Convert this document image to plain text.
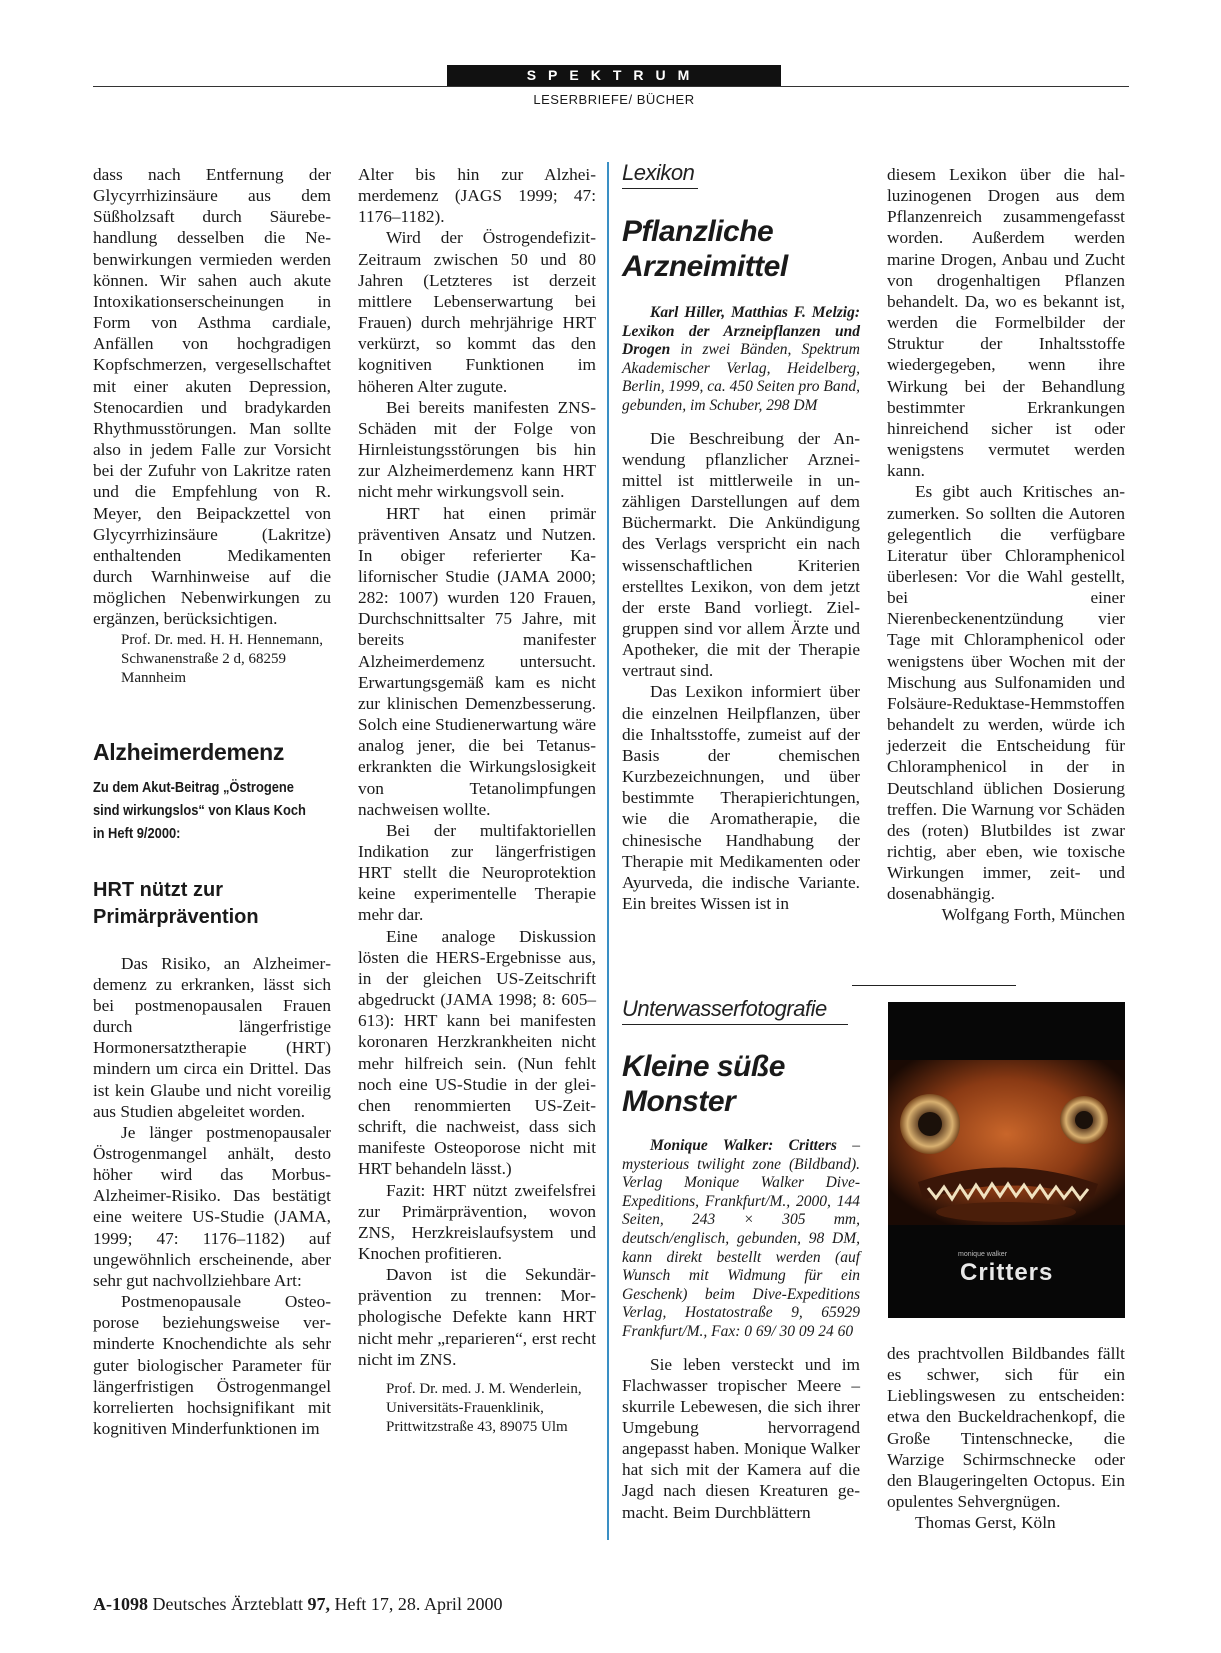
SPEKTRUM
LESERBRIEFE/ BÜCHER

dass nach Entfernung der Glycyrrhizinsäure aus dem Süßholzsaft durch Säurebehandlung desselben die Nebenwirkungen vermieden werden können. Wir sahen auch akute Intoxikationserscheinungen in Form von Asthma cardiale, Anfällen von hochgradigen Kopfschmerzen, vergesellschaftet mit einer akuten Depression, Stenocardien und bradykarden Rhythmusstörungen. Man sollte also in jedem Falle zur Vorsicht bei der Zufuhr von Lakritze raten und die Empfehlung von R. Meyer, den Beipackzettel von Glycyrrhizinsäure (Lakritze) enthaltenden Medikamenten durch Warnhinweise auf die möglichen Nebenwirkungen zu ergänzen, berücksichtigen.

Prof. Dr. med. H. H. Hennemann, Schwanenstraße 2 d, 68259 Mannheim

Alzheimerdemenz

Zu dem Akut-Beitrag „Östrogene sind wirkungslos“ von Klaus Koch in Heft 9/2000:

HRT nützt zur Primärprävention

Das Risiko, an Alzheimerdemenz zu erkranken, lässt sich bei postmenopausalen Frauen durch längerfristige Hormonersatztherapie (HRT) mindern um circa ein Drittel. Das ist kein Glaube und nicht voreilig aus Studien abgeleitet worden.

Je länger postmenopausaler Östrogenmangel anhält, desto höher wird das Morbus-Alzheimer-Risiko. Das bestätigt eine weitere US-Studie (JAMA, 1999; 47: 1176–1182) auf ungewöhnlich erscheinende, aber sehr gut nachvollziehbare Art:

Postmenopausale Osteoporose beziehungsweise verminderte Knochendichte als sehr guter biologischer Parameter für längerfristigen Östrogenmangel korrelierten hochsignifikant mit kognitiven Minderfunktionen im

Alter bis hin zur Alzheimerdemenz (JAGS 1999; 47: 1176–1182).

Wird der Östrogendefizit-Zeitraum zwischen 50 und 80 Jahren (Letzteres ist derzeit mittlere Lebenserwartung bei Frauen) durch mehrjährige HRT verkürzt, so kommt das den kognitiven Funktionen im höheren Alter zugute.

Bei bereits manifesten ZNS-Schäden mit der Folge von Hirnleistungsstörungen bis hin zur Alzheimerdemenz kann HRT nicht mehr wirkungsvoll sein.

HRT hat einen primär präventiven Ansatz und Nutzen. In obiger referierter Kalifornischer Studie (JAMA 2000; 282: 1007) wurden 120 Frauen, Durchschnittsalter 75 Jahre, mit bereits manifester Alzheimerdemenz untersucht. Erwartungsgemäß kam es nicht zur klinischen Demenzbesserung. Solch eine Studienerwartung wäre analog jener, die bei Tetanuserkrankten die Wirkungslosigkeit von Tetanolimpfungen nachweisen wollte.

Bei der multifaktoriellen Indikation zur längerfristigen HRT stellt die Neuroprotektion keine experimentelle Therapie mehr dar.

Eine analoge Diskussion lösten die HERS-Ergebnisse aus, in der gleichen US-Zeitschrift abgedruckt (JAMA 1998; 8: 605–613): HRT kann bei manifesten koronaren Herzkrankheiten nicht mehr hilfreich sein. (Nun fehlt noch eine US-Studie in der gleichen renommierten US-Zeitschrift, die nachweist, dass sich manifeste Osteoporose nicht mit HRT behandeln lässt.)

Fazit: HRT nützt zweifelsfrei zur Primärprävention, wovon ZNS, Herzkreislaufsystem und Knochen profitieren.

Davon ist die Sekundärprävention zu trennen: Morphologische Defekte kann HRT nicht mehr „reparieren“, erst recht nicht im ZNS.

Prof. Dr. med. J. M. Wenderlein, Universitäts-Frauenklinik, Prittwitzstraße 43, 89075 Ulm

Lexikon

Pflanzliche Arzneimittel

Karl Hiller, Matthias F. Melzig: Lexikon der Arzneipflanzen und Drogen in zwei Bänden, Spektrum Akademischer Verlag, Heidelberg, Berlin, 1999, ca. 450 Seiten pro Band, gebunden, im Schuber, 298 DM

Die Beschreibung der Anwendung pflanzlicher Arzneimittel ist mittlerweile in unzähligen Darstellungen auf dem Büchermarkt. Die Ankündigung des Verlags verspricht ein nach wissenschaftlichen Kriterien erstelltes Lexikon, von dem jetzt der erste Band vorliegt. Zielgruppen sind vor allem Ärzte und Apotheker, die mit der Therapie vertraut sind.

Das Lexikon informiert über die einzelnen Heilpflanzen, über die Inhaltsstoffe, zumeist auf der Basis der chemischen Kurzbezeichnungen, und über bestimmte Therapierichtungen, wie die Aromatherapie, die chinesische Handhabung der Therapie mit Medikamenten oder Ayurveda, die indische Variante. Ein breites Wissen ist in

diesem Lexikon über die halluzinogenen Drogen aus dem Pflanzenreich zusammengefasst worden. Außerdem werden marine Drogen, Anbau und Zucht von drogenhaltigen Pflanzen behandelt. Da, wo es bekannt ist, werden die Formelbilder der Struktur der Inhaltsstoffe wiedergegeben, wenn ihre Wirkung bei der Behandlung bestimmter Erkrankungen hinreichend sicher ist oder wenigstens vermutet werden kann.

Es gibt auch Kritisches anzumerken. So sollten die Autoren gelegentlich die verfügbare Literatur über Chloramphenicol überlesen: Vor die Wahl gestellt, bei einer Nierenbeckenentzündung vier Tage mit Chloramphenicol oder wenigstens über Wochen mit der Mischung aus Sulfonamiden und Folsäure-Reduktase-Hemmstoffen behandelt zu werden, würde ich jederzeit die Entscheidung für Chloramphenicol in der in Deutschland üblichen Dosierung treffen. Die Warnung vor Schäden des (roten) Blutbildes ist zwar richtig, aber eben, wie toxische Wirkungen immer, zeit- und dosenabhängig.

Wolfgang Forth, München

Unterwasserfotografie

Kleine süße Monster

Monique Walker: Critters – mysterious twilight zone (Bildband). Verlag Monique Walker Dive-Expeditions, Frankfurt/M., 2000, 144 Seiten, 243 × 305 mm, deutsch/englisch, gebunden, 98 DM, kann direkt bestellt werden (auf Wunsch mit Widmung für ein Geschenk) beim Dive-Expeditions Verlag, Hostatostraße 9, 65929 Frankfurt/M., Fax: 0 69/ 30 09 24 60

Sie leben versteckt und im Flachwasser tropischer Meere – skurrile Lebewesen, die sich ihrer Umgebung hervorragend angepasst haben. Monique Walker hat sich mit der Kamera auf die Jagd nach diesen Kreaturen gemacht. Beim Durchblättern

monique walker
Critters

des prachtvollen Bildbandes fällt es schwer, sich für ein Lieblingswesen zu entscheiden: etwa den Buckeldrachenkopf, die Große Tintenschnecke, die Warzige Schirmschnecke oder den Blaugeringelten Octopus. Ein opulentes Sehvergnügen.

Thomas Gerst, Köln

A-1098 Deutsches Ärzteblatt 97, Heft 17, 28. April 2000
